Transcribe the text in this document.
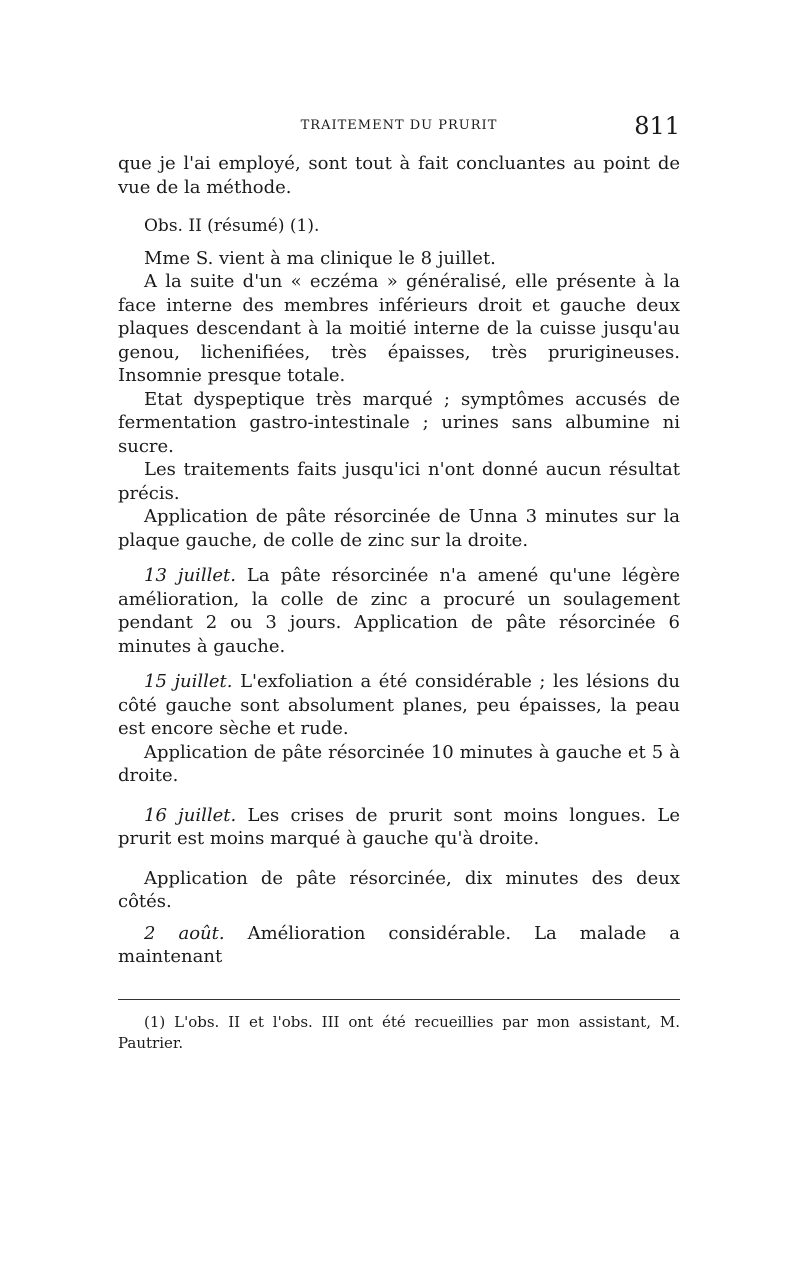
TRAITEMENT DU PRURIT	811

que je l'ai employé, sont tout à fait concluantes au point de vue de la méthode.

Obs. II (résumé) (1).

Mme S. vient à ma clinique le 8 juillet.

A la suite d'un « eczéma » généralisé, elle présente à la face interne des membres inférieurs droit et gauche deux plaques descendant à la moitié interne de la cuisse jusqu'au genou, lichenifiées, très épaisses, très prurigineuses. Insomnie presque totale.

Etat dyspeptique très marqué ; symptômes accusés de fermentation gastro-intestinale ; urines sans albumine ni sucre.

Les traitements faits jusqu'ici n'ont donné aucun résultat précis.

Application de pâte résorcinée de Unna 3 minutes sur la plaque gauche, de colle de zinc sur la droite.

13 juillet. La pâte résorcinée n'a amené qu'une légère amélioration, la colle de zinc a procuré un soulagement pendant 2 ou 3 jours. Application de pâte résorcinée 6 minutes à gauche.

15 juillet. L'exfoliation a été considérable ; les lésions du côté gauche sont absolument planes, peu épaisses, la peau est encore sèche et rude.

Application de pâte résorcinée 10 minutes à gauche et 5 à droite.

16 juillet. Les crises de prurit sont moins longues. Le prurit est moins marqué à gauche qu'à droite.

Application de pâte résorcinée, dix minutes des deux côtés.

2 août. Amélioration considérable. La malade a maintenant

(1) L'obs. II et l'obs. III ont été recueillies par mon assistant, M. Pautrier.
